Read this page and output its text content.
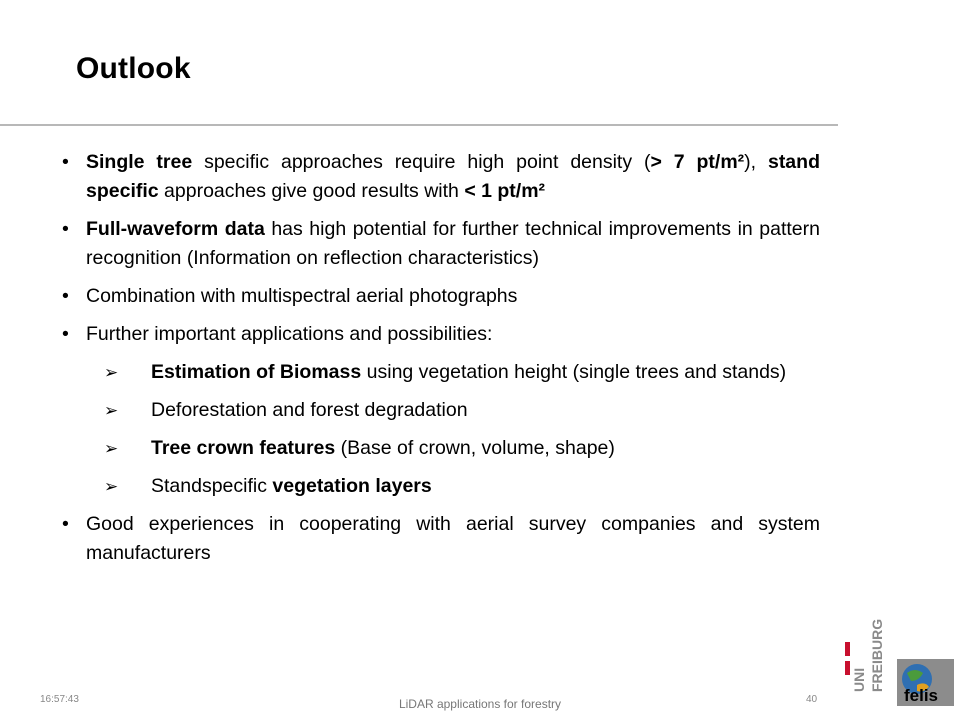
Outlook
• Single tree specific approaches require high point density (> 7 pt/m²), stand specific approaches give good results with < 1 pt/m²
• Full-waveform data has high potential for further technical improvements in pattern recognition (Information on reflection characteristics)
• Combination with multispectral aerial photographs
• Further important applications and possibilities:
➢	Estimation of Biomass using vegetation height (single trees and stands)
➢	Deforestation and forest degradation
➢	Tree crown features (Base of crown, volume, shape)
➢	Standspecific vegetation layers
• Good experiences in cooperating with aerial survey companies and system manufacturers
UNI FREIBURG
felis
16:57:43	LiDAR applications for forestry	40
